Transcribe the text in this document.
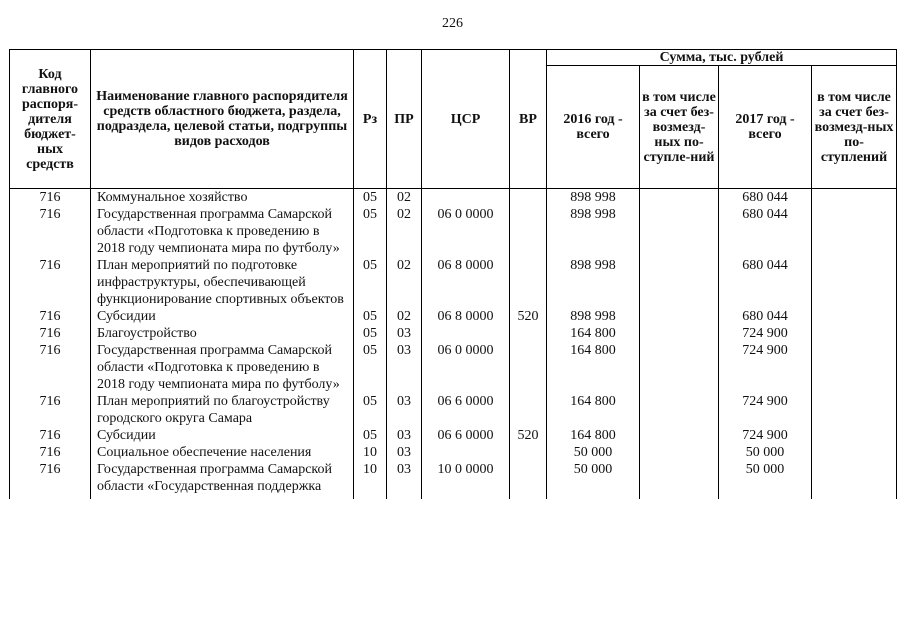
226
Код главного распоря-дителя бюджет-ных средств	Наименование главного распорядителя средств областного бюджета, раздела, подраздела, целевой статьи, подгруппы видов расходов	Рз	ПР	ЦСР	ВР	Сумма, тыс. рублей			
						2016 год - всего	в том числе за счет без-возмезд-ных по-ступле-ний	2017 год - всего	в том числе за счет без-возмезд-ных по-ступлений
716	Коммунальное хозяйство	05	02			898 998		680 044	
716	Государственная программа Самарской области «Подготовка к проведению в 2018 году чемпионата мира по футболу»	05	02	06 0 0000		898 998		680 044	
716	План мероприятий по подготовке инфраструктуры, обеспечивающей функционирование спортивных объектов	05	02	06 8 0000		898 998		680 044	
716	Субсидии	05	02	06 8 0000	520	898 998		680 044	
716	Благоустройство	05	03			164 800		724 900	
716	Государственная программа Самарской области «Подготовка к проведению в 2018 году чемпионата мира по футболу»	05	03	06 0 0000		164 800		724 900	
716	План мероприятий по благоустройству городского округа Самара	05	03	06 6 0000		164 800		724 900	
716	Субсидии	05	03	06 6 0000	520	164 800		724 900	
716	Социальное обеспечение населения	10	03			50 000		50 000	
716	Государственная программа Самарской области «Государственная поддержка	10	03	10 0 0000		50 000		50 000	
